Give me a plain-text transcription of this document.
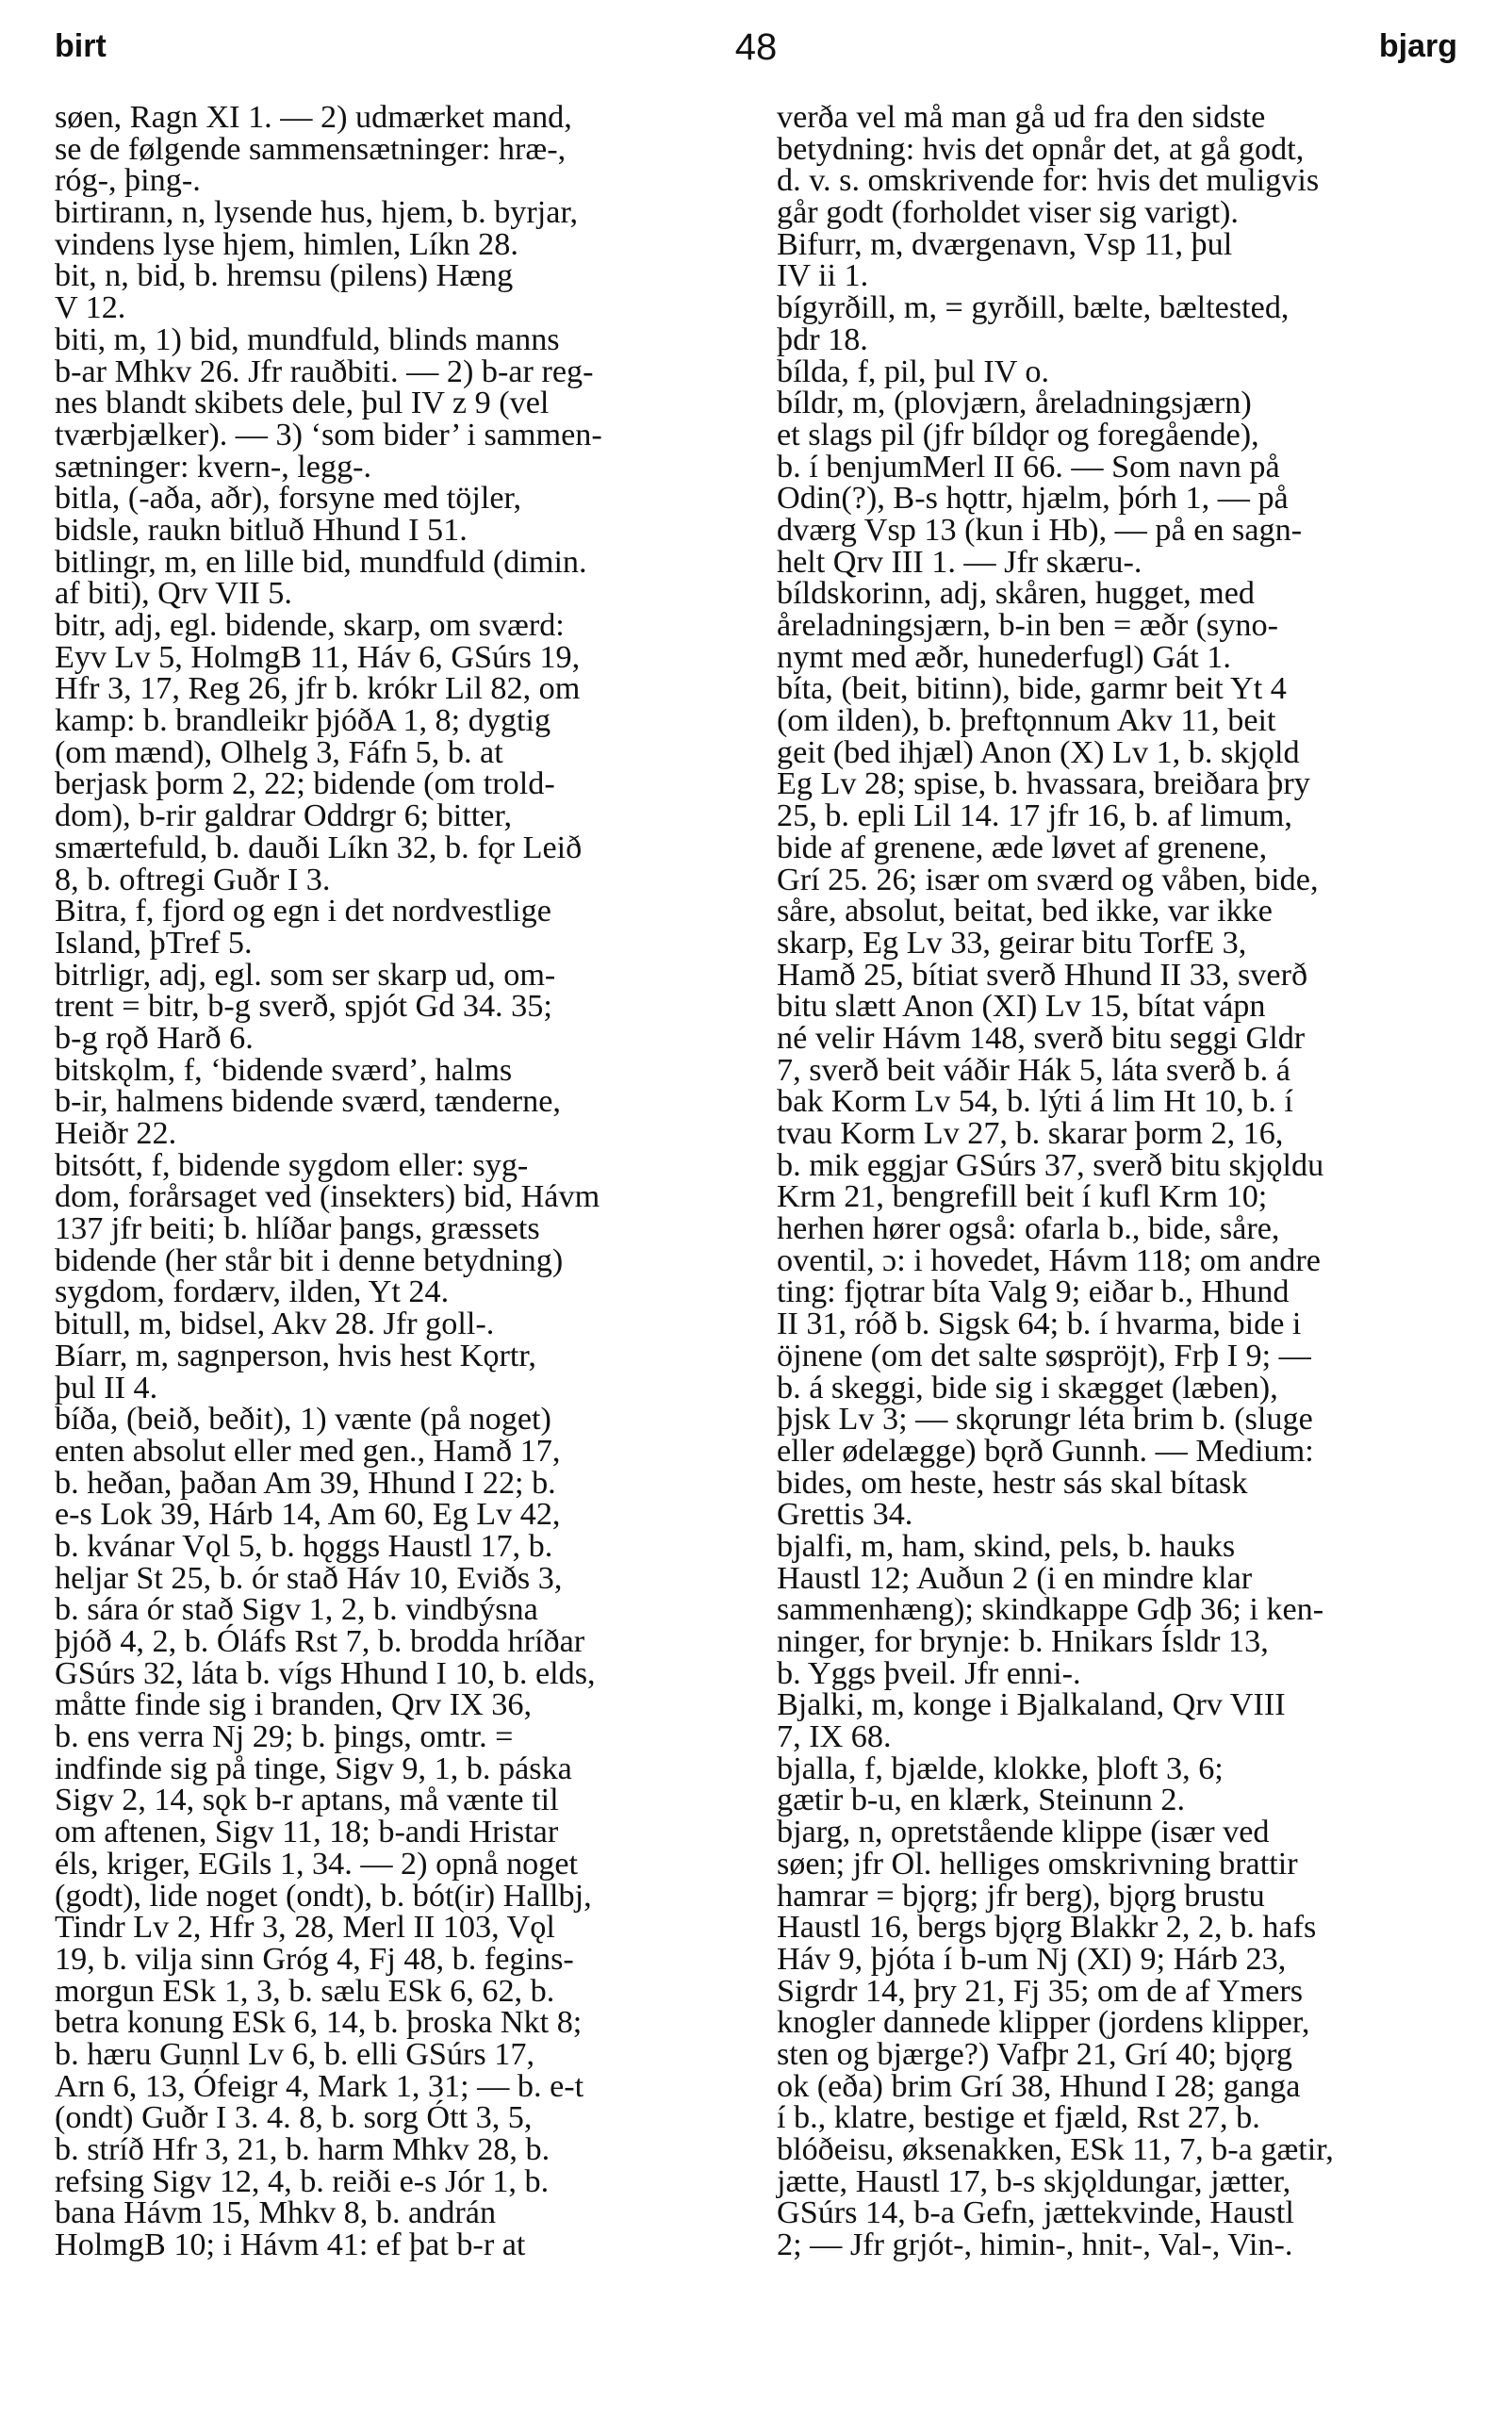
birt	48	bjarg
søen, Ragn XI 1. — 2) udmærket mand,
se de følgende sammensætninger: hræ-,
róg-, þing-.
birtirann, n, lysende hus, hjem, b. byrjar,
vindens lyse hjem, himlen, Líkn 28.
bit, n, bid, b. hremsu (pilens) Hæng
V 12.
biti, m, 1) bid, mundfuld, blinds manns
b-ar Mhkv 26. Jfr rauðbiti. — 2) b-ar reg-
nes blandt skibets dele, þul IV z 9 (vel
tværbjælker). — 3) ‘som bider’ i sammen-
sætninger: kvern-, legg-.
bitla, (-aða, aðr), forsyne med töjler,
bidsle, raukn bitluð Hhund I 51.
bitlingr, m, en lille bid, mundfuld (dimin.
af biti), Qrv VII 5.
bitr, adj, egl. bidende, skarp, om sværd:
Eyv Lv 5, HolmgB 11, Háv 6, GSúrs 19,
Hfr 3, 17, Reg 26, jfr b. krókr Lil 82, om
kamp: b. brandleikr þjóðA 1, 8; dygtig
(om mænd), Olhelg 3, Fáfn 5, b. at
berjask þorm 2, 22; bidende (om trold-
dom), b-rir galdrar Oddrgr 6; bitter,
smærtefuld, b. dauði Líkn 32, b. fǫr Leið
8, b. oftregi Guðr I 3.
Bitra, f, fjord og egn i det nordvestlige
Island, þTref 5.
bitrligr, adj, egl. som ser skarp ud, om-
trent = bitr, b-g sverð, spjót Gd 34. 35;
b-g rǫð Harð 6.
bitskǫlm, f, ‘bidende sværd’, halms
b-ir, halmens bidende sværd, tænderne,
Heiðr 22.
bitsótt, f, bidende sygdom eller: syg-
dom, forårsaget ved (insekters) bid, Hávm
137 jfr beiti; b. hlíðar þangs, græssets
bidende (her står bit i denne betydning)
sygdom, fordærv, ilden, Yt 24.
bitull, m, bidsel, Akv 28. Jfr goll-.
Bíarr, m, sagnperson, hvis hest Kǫrtr,
þul II 4.
bíða, (beið, beðit), 1) vænte (på noget)
enten absolut eller med gen., Hamð 17,
b. heðan, þaðan Am 39, Hhund I 22; b.
e-s Lok 39, Hárb 14, Am 60, Eg Lv 42,
b. kvánar Vǫl 5, b. hǫggs Haustl 17, b.
heljar St 25, b. ór stað Háv 10, Eviðs 3,
b. sára ór stað Sigv 1, 2, b. vindbýsna
þjóð 4, 2, b. Óláfs Rst 7, b. brodda hríðar
GSúrs 32, láta b. vígs Hhund I 10, b. elds,
måtte finde sig i branden, Qrv IX 36,
b. ens verra Nj 29; b. þings, omtr. =
indfinde sig på tinge, Sigv 9, 1, b. páska
Sigv 2, 14, sǫk b-r aptans, må vænte til
om aftenen, Sigv 11, 18; b-andi Hristar
éls, kriger, EGils 1, 34. — 2) opnå noget
(godt), lide noget (ondt), b. bót(ir) Hallbj,
Tindr Lv 2, Hfr 3, 28, Merl II 103, Vǫl
19, b. vilja sinn Gróg 4, Fj 48, b. fegins-
morgun ESk 1, 3, b. sælu ESk 6, 62, b.
betra konung ESk 6, 14, b. þroska Nkt 8;
b. hæru Gunnl Lv 6, b. elli GSúrs 17,
Arn 6, 13, Ófeigr 4, Mark 1, 31; — b. e-t
(ondt) Guðr I 3. 4. 8, b. sorg Ótt 3, 5,
b. stríð Hfr 3, 21, b. harm Mhkv 28, b.
refsing Sigv 12, 4, b. reiði e-s Jór 1, b.
bana Hávm 15, Mhkv 8, b. andrán
HolmgB 10; i Hávm 41: ef þat b-r at
verða vel må man gå ud fra den sidste
betydning: hvis det opnår det, at gå godt,
d. v. s. omskrivende for: hvis det muligvis
går godt (forholdet viser sig varigt).
Bifurr, m, dværgenavn, Vsp 11, þul
IV ii 1.
bígyrðill, m, = gyrðill, bælte, bæltested,
þdr 18.
bílda, f, pil, þul IV o.
bíldr, m, (plovjærn, åreladningsjærn)
et slags pil (jfr bíldǫr og foregående),
b. í benjumMerl II 66. — Som navn på
Odin(?), B-s hǫttr, hjælm, þórh 1, — på
dværg Vsp 13 (kun i Hb), — på en sagn-
helt Qrv III 1. — Jfr skæru-.
bíldskorinn, adj, skåren, hugget, med
åreladningsjærn, b-in ben = æðr (syno-
nymt med æðr, hunederfugl) Gát 1.
bíta, (beit, bitinn), bide, garmr beit Yt 4
(om ilden), b. þreftǫnnum Akv 11, beit
geit (bed ihjæl) Anon (X) Lv 1, b. skjǫld
Eg Lv 28; spise, b. hvassara, breiðara þry
25, b. epli Lil 14. 17 jfr 16, b. af limum,
bide af grenene, æde løvet af grenene,
Grí 25. 26; især om sværd og våben, bide,
såre, absolut, beitat, bed ikke, var ikke
skarp, Eg Lv 33, geirar bitu TorfE 3,
Hamð 25, bítiat sverð Hhund II 33, sverð
bitu slætt Anon (XI) Lv 15, bítat vápn
né velir Hávm 148, sverð bitu seggi Gldr
7, sverð beit váðir Hák 5, láta sverð b. á
bak Korm Lv 54, b. lýti á lim Ht 10, b. í
tvau Korm Lv 27, b. skarar þorm 2, 16,
b. mik eggjar GSúrs 37, sverð bitu skjǫldu
Krm 21, bengrefill beit í kufl Krm 10;
herhen hører også: ofarla b., bide, såre,
oventil, ɔ: i hovedet, Hávm 118; om andre
ting: fjǫtrar bíta Valg 9; eiðar b., Hhund
II 31, róð b. Sigsk 64; b. í hvarma, bide i
öjnene (om det salte søspröjt), Frþ I 9; —
b. á skeggi, bide sig i skægget (læben),
þjsk Lv 3; — skǫrungr léta brim b. (sluge
eller ødelægge) bǫrð Gunnh. — Medium:
bides, om heste, hestr sás skal bítask
Grettis 34.
bjalfi, m, ham, skind, pels, b. hauks
Haustl 12; Auðun 2 (i en mindre klar
sammenhæng); skindkappe Gdþ 36; i ken-
ninger, for brynje: b. Hnikars Ísldr 13,
b. Yggs þveil. Jfr enni-.
Bjalki, m, konge i Bjalkaland, Qrv VIII
7, IX 68.
bjalla, f, bjælde, klokke, þloft 3, 6;
gætir b-u, en klærk, Steinunn 2.
bjarg, n, opretstående klippe (især ved
søen; jfr Ol. helliges omskrivning brattir
hamrar = bjǫrg; jfr berg), bjǫrg brustu
Haustl 16, bergs bjǫrg Blakkr 2, 2, b. hafs
Háv 9, þjóta í b-um Nj (XI) 9; Hárb 23,
Sigrdr 14, þry 21, Fj 35; om de af Ymers
knogler dannede klipper (jordens klipper,
sten og bjærge?) Vafþr 21, Grí 40; bjǫrg
ok (eða) brim Grí 38, Hhund I 28; ganga
í b., klatre, bestige et fjæld, Rst 27, b.
blóðeisu, øksenakken, ESk 11, 7, b-a gætir,
jætte, Haustl 17, b-s skjǫldungar, jætter,
GSúrs 14, b-a Gefn, jættekvinde, Haustl
2; — Jfr grjót-, himin-, hnit-, Val-, Vin-.
